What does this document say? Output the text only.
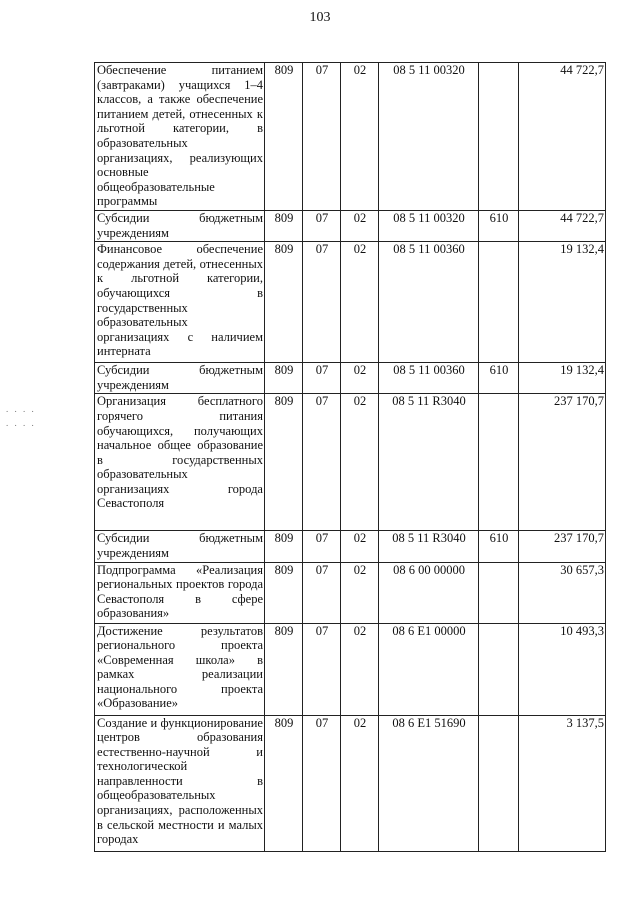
103
. . . .
. . . .
Обеспечение питанием (завтраками) учащихся 1–4 классов, а также обеспечение питанием детей, отнесенных к льготной категории, в образовательных организациях, реализующих основные общеобразовательные программы	809	07	02	08 5 11 00320		44 722,7
Субсидии бюджетным учреждениям	809	07	02	08 5 11 00320	610	44 722,7
Финансовое обеспечение содержания детей, отнесенных к льготной категории, обучающихся в государственных образовательных организациях с наличием интерната	809	07	02	08 5 11 00360		19 132,4
Субсидии бюджетным учреждениям	809	07	02	08 5 11 00360	610	19 132,4
Организация бесплатного горячего питания обучающихся, получающих начальное общее образование в государственных образовательных организациях города Севастополя	809	07	02	08 5 11 R3040		237 170,7
Субсидии бюджетным учреждениям	809	07	02	08 5 11 R3040	610	237 170,7
Подпрограмма «Реализация региональных проектов города Севастополя в сфере образования»	809	07	02	08 6 00 00000		30 657,3
Достижение результатов регионального проекта «Современная школа» в рамках реализации национального проекта «Образование»	809	07	02	08 6 E1 00000		10 493,3
Создание и функционирование центров образования естественно-научной и технологической направленности в общеобразовательных организациях, расположенных в сельской местности и малых городах	809	07	02	08 6 E1 51690		3 137,5
